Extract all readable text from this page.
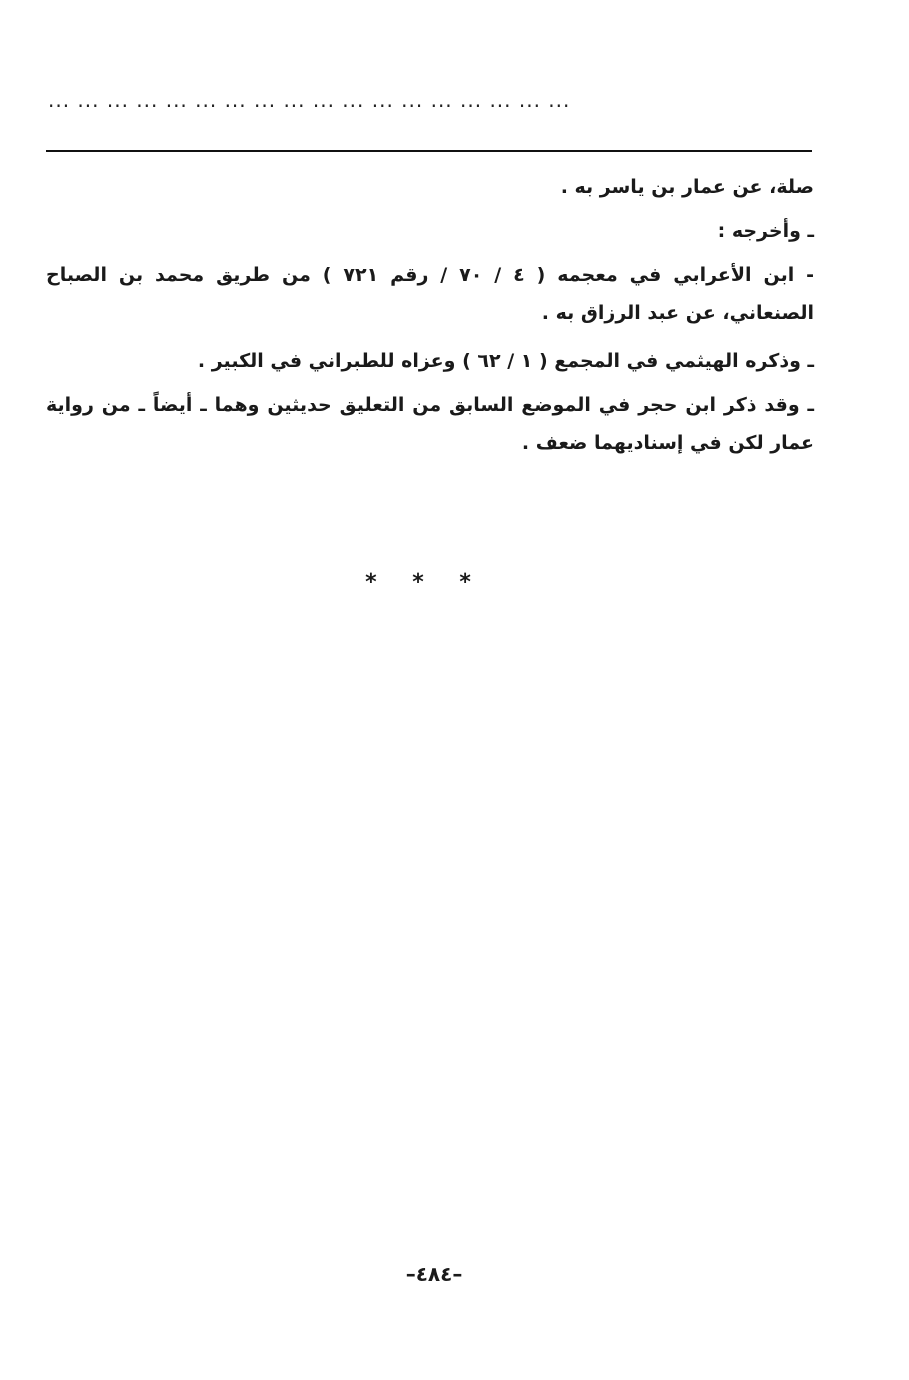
... ... ... ... ... ... ... ... ... ... ... ... ... ... ... ... ... ...

صلة، عن عمار بن ياسر به .

ـ وأخرجه :

- ابن الأعرابي في معجمه ( ٤ / ٧٠ / رقم ٧٢١ ) من طريق محمد بن الصباح الصنعاني، عن عبد الرزاق به .

ـ وذكره الهيثمي في المجمع ( ١ / ٦٢ ) وعزاه للطبراني في الكبير .

ـ وقد ذكر ابن حجر في الموضع السابق من التعليق حديثين وهما ـ أيضاً ـ من رواية عمار لكن في إسناديهما ضعف .

* * *
–٤٨٤–
